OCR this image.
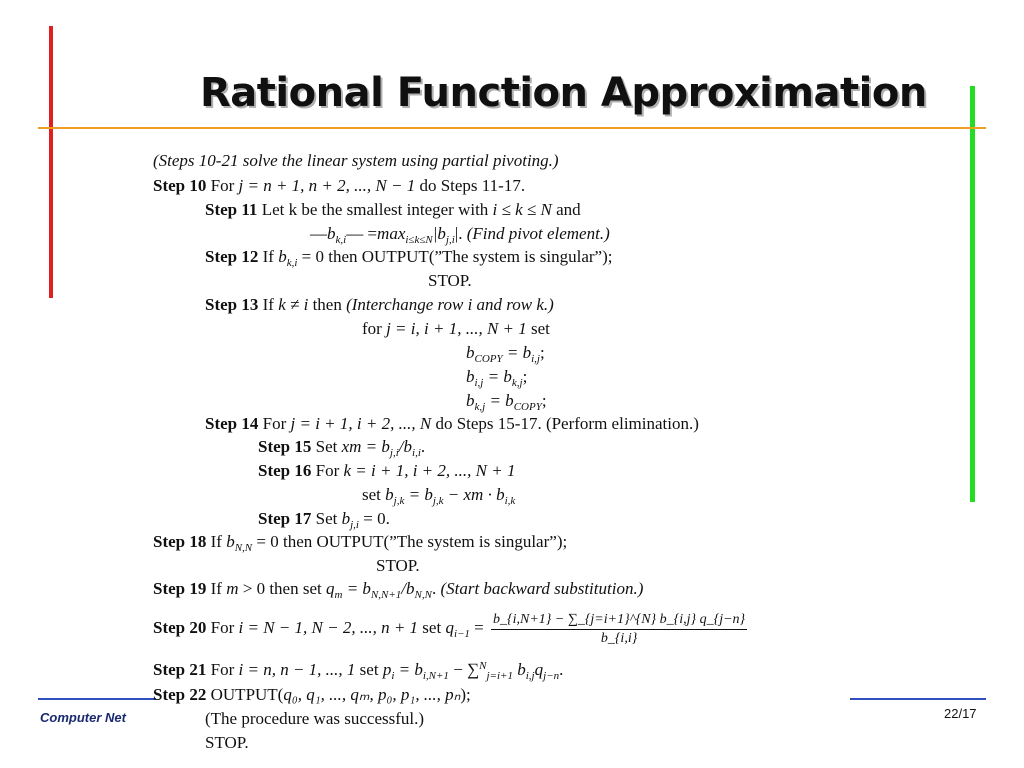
Rational Function Approximation
(Steps 10-21 solve the linear system using partial pivoting.)
Step 10 For j = n + 1, n + 2, ..., N − 1 do Steps 11-17.
Step 11 Let k be the smallest integer with i ≤ k ≤ N and
$—b_{k,i}— =\max_{i\le k\le N}|b_{j,i}|$. (Find pivot element.)
Step 12 If $b_{k,i} = 0$ then OUTPUT(”The system is singular”);
STOP.
Step 13 If k ≠ i then (Interchange row i and row k.)
for j = i, i + 1, ..., N + 1 set
$b_{COPY} = b_{i,j}$;
$b_{i,j} = b_{k,j}$;
$b_{k,j} = b_{COPY}$;
Step 14 For j = i + 1, i + 2, ..., N do Steps 15-17. (Perform elimination.)
Step 15 Set xm = $b_{j,i}/b_{i,i}$.
Step 16 For k = i + 1, i + 2, ..., N + 1
set $b_{j,k} = b_{j,k}$ − xm · $b_{i,k}$
Step 17 Set $b_{j,i} = 0$.
Step 18 If $b_{N,N} = 0$ then OUTPUT(”The system is singular”);
STOP.
Step 19 If m > 0 then set $q_m = b_{N,N+1}/b_{N,N}$. (Start backward substitution.)
Step 20 For i = N − 1, N − 2, ..., n + 1 set $q_{i-1} = \frac{b\_\{i,N+1\} - \sum\_\{j=i+1\}\^{}\{N\} b\_\{i,j\} q\_\{j-n\}}{b\_\{i,i\}}$
Step 21 For i = n, n − 1, ..., 1 set $p_i = b_{i,N+1} - \sum^N_{j=i+1}$ $b_{i,j}q_{j-n}$.
Step 22 OUTPUT(q₀, q₁, ..., qₘ, p₀, p₁, ..., pₙ);
(The procedure was successful.)
STOP.
Computer Net	22/17
